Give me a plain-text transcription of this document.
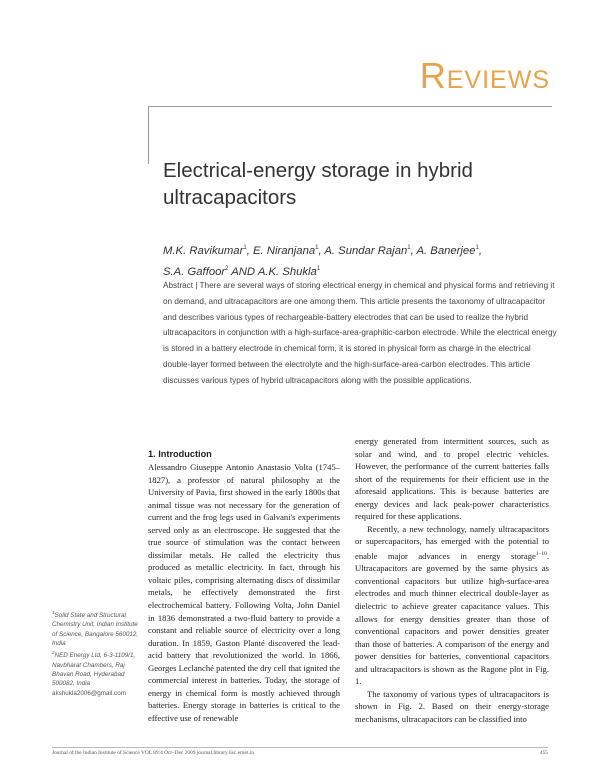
Reviews
Electrical-energy storage in hybrid ultracapacitors
M.K. Ravikumar$^1$, E. Niranjana$^1$, A. Sundar Rajan$^1$, A. Banerjee$^1$,
S.A. Gaffoor$^2$ AND A.K. Shukla$^1$
Abstract | There are several ways of storing electrical energy in chemical and physical forms and retrieving it on demand, and ultracapacitors are one among them. This article presents the taxonomy of ultracapacitor and describes various types of rechargeable-battery electrodes that can be used to realize the hybrid ultracapacitors in conjunction with a high-surface-area-graphitic-carbon electrode. While the electrical energy is stored in a battery electrode in chemical form, it is stored in physical form as charge in the electrical double-layer formed between the electrolyte and the high-surface-area-carbon electrodes. This article discusses various types of hybrid ultracapacitors along with the possible applications.
1. Introduction

Alessandro Giuseppe Antonio Anastasio Volta (1745–1827), a professor of natural philosophy at the University of Pavia, first showed in the early 1800s that animal tissue was not necessary for the generation of current and the frog legs used in Galvani's experiments served only as an electroscope. He suggested that the true source of stimulation was the contact between dissimilar metals. He called the electricity thus produced as metallic electricity. In fact, through his voltaic piles, comprising alternating discs of dissimilar metals, he effectively demonstrated the first electrochemical battery. Following Volta, John Daniel in 1836 demonstrated a two-fluid battery to provide a constant and reliable source of electricity over a long duration. In 1859, Gaston Planté discovered the lead-acid battery that revolutionized the world. In 1866, Georges Leclanché patented the dry cell that ignited the commercial interest in batteries. Today, the storage of energy in chemical form is mostly achieved through batteries. Energy storage in batteries is critical to the effective use of renewable

energy generated from intermittent sources, such as solar and wind, and to propel electric vehicles. However, the performance of the current batteries falls short of the requirements for their efficient use in the aforesaid applications. This is because batteries are energy devices and lack peak-power characteristics required for these applications.

Recently, a new technology, namely ultracapacitors or supercapacitors, has emerged with the potential to enable major advances in energy storage$^{1-10}$. Ultracapacitors are governed by the same physics as conventional capacitors but utilize high-surface-area electrodes and much thinner electrical double-layer as dielectric to achieve greater capacitance values. This allows for energy densities greater than those of conventional capacitors and power densities greater than those of batteries. A comparison of the energy and power densities for batteries, conventional capacitors and ultracapacitors is shown as the Ragone plot in Fig. 1.

The taxonomy of various types of ultracapacitors is shown in Fig. 2. Based on their energy-storage mechanisms, ultracapacitors can be classified into

$^1$Solid State and Structural Chemistry Unit, Indian Institute of Science, Bangalore 560012, India
$^2$NED Energy Ltd, 6-3-1109/1, Navbharat Chambers, Raj Bhavan Road, Hyderabad 500082, India
akshukla2006@gmail.com
Journal of the Indian Institute of Science VOL 89:4 Oct–Dec 2009 journal.library.iisc.ernet.in	455
